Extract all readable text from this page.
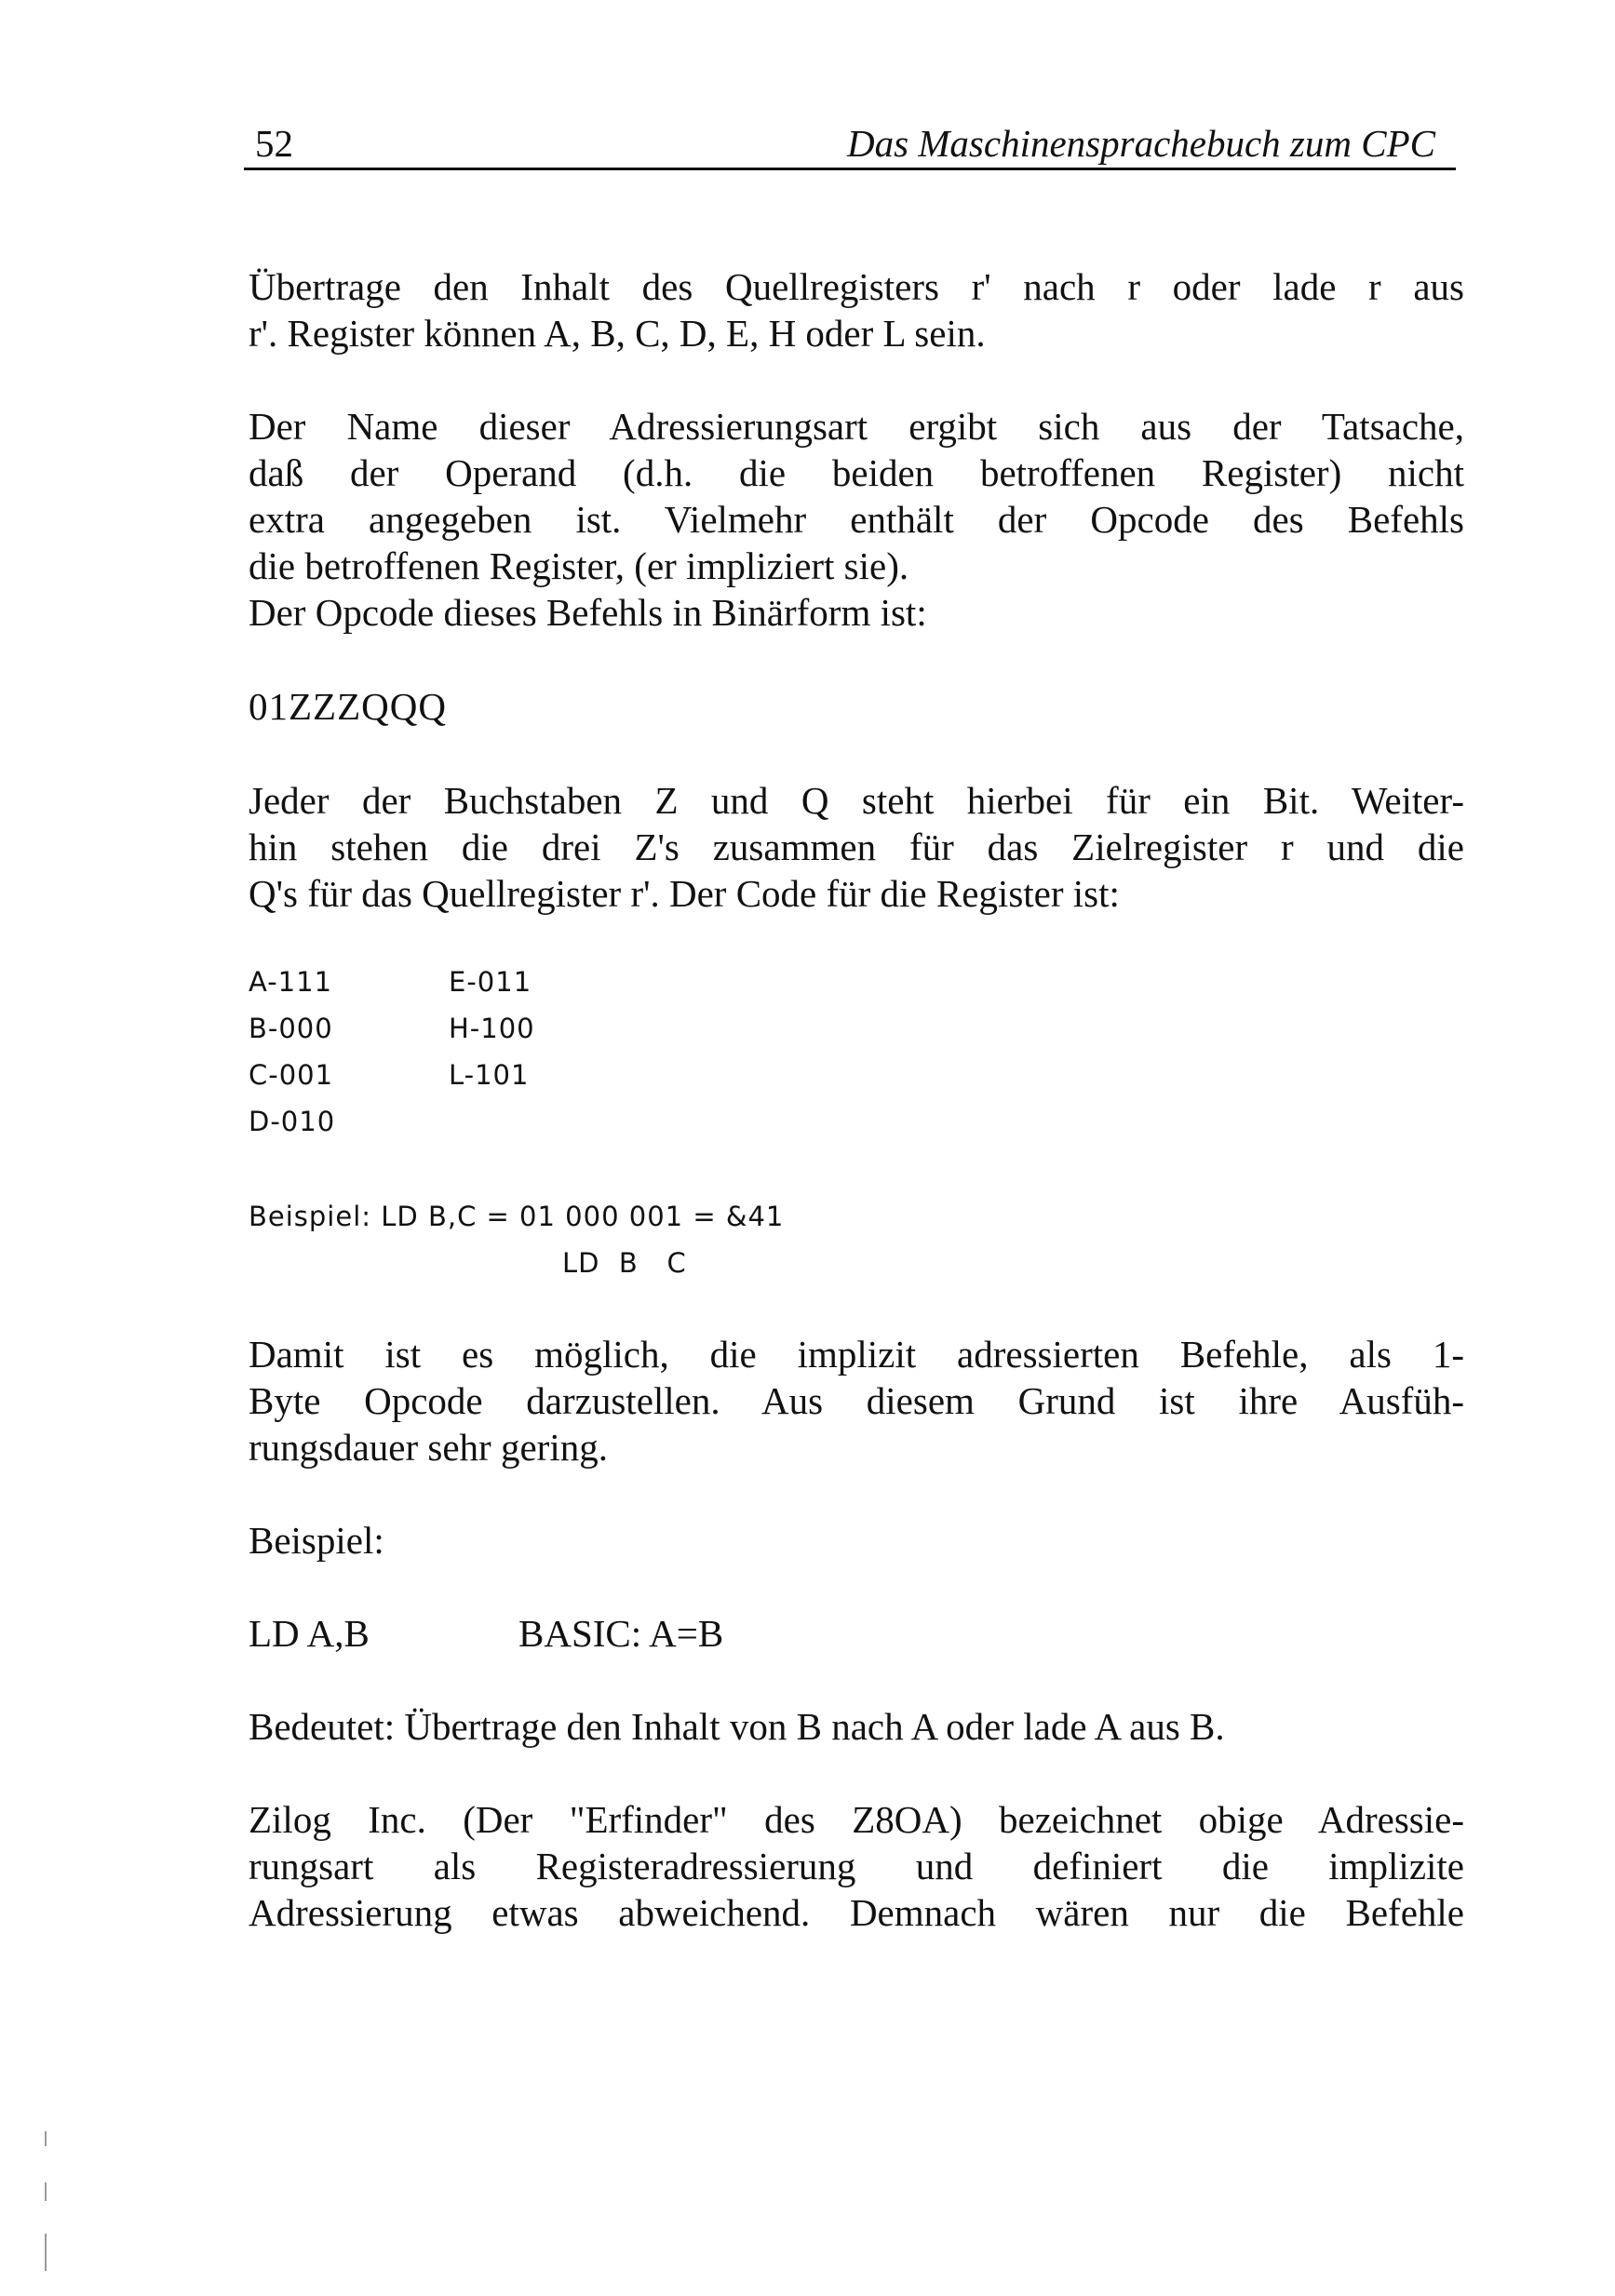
52	Das Maschinensprachebuch zum CPC

Übertrage den Inhalt des Quellregisters r' nach r oder lade r aus
r'. Register können A, B, C, D, E, H oder L sein.

Der Name dieser Adressierungsart ergibt sich aus der Tatsache,
daß der Operand (d.h. die beiden betroffenen Register) nicht
extra angegeben ist. Vielmehr enthält der Opcode des Befehls
die betroffenen Register, (er impliziert sie).
Der Opcode dieses Befehls in Binärform ist:

01ZZZQQQ

Jeder der Buchstaben Z und Q steht hierbei für ein Bit. Weiter-
hin stehen die drei Z's zusammen für das Zielregister r und die
Q's für das Quellregister r'. Der Code für die Register ist:

A-111
B-000
C-001
D-010
E-011
H-100
L-101
Beispiel: LD B,C = 01 000 001 = &41
LD  B   C

Damit ist es möglich, die implizit adressierten Befehle, als 1-
Byte Opcode darzustellen. Aus diesem Grund ist ihre Ausfüh-
rungsdauer sehr gering.

Beispiel:
LD A,B	BASIC: A=B
Bedeutet: Übertrage den Inhalt von B nach A oder lade A aus B.

Zilog Inc. (Der "Erfinder" des Z8OA) bezeichnet obige Adressie-
rungsart als Registeradressierung und definiert die implizite
Adressierung etwas abweichend. Demnach wären nur die Befehle
